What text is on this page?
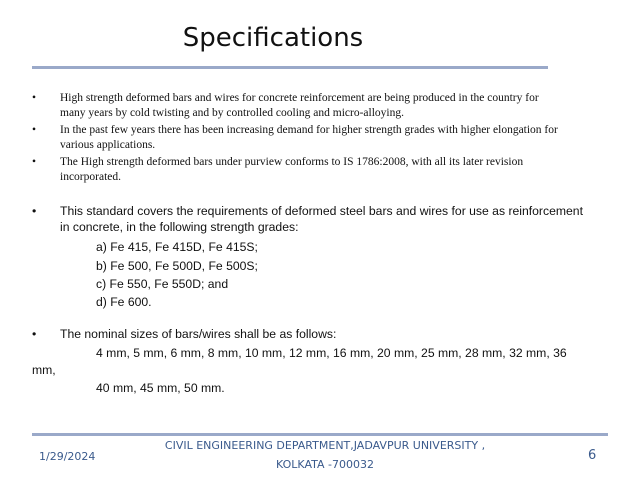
Specifications
•	High strength deformed bars and wires for concrete reinforcement are being produced in the country for
many years by cold twisting and by controlled cooling and micro-alloying.
•	In the past few years there has been increasing demand for higher strength grades with higher elongation for
various applications.
•	The High strength deformed bars under purview conforms to IS 1786:2008, with all its later revision
incorporated.
•	This standard covers the requirements of deformed steel bars and wires for use as reinforcement
in concrete, in the following strength grades:
a) Fe 415, Fe 415D, Fe 415S;
b) Fe 500, Fe 500D, Fe 500S;
c) Fe 550, Fe 550D; and
d) Fe 600.
•	The nominal sizes of bars/wires shall be as follows:
4 mm, 5 mm, 6 mm, 8 mm, 10 mm, 12 mm, 16 mm, 20 mm, 25 mm, 28 mm, 32 mm, 36
mm,
40 mm, 45 mm, 50 mm.
1/29/2024
CIVIL ENGINEERING DEPARTMENT,JADAVPUR UNIVERSITY ,
KOLKATA -700032
6
